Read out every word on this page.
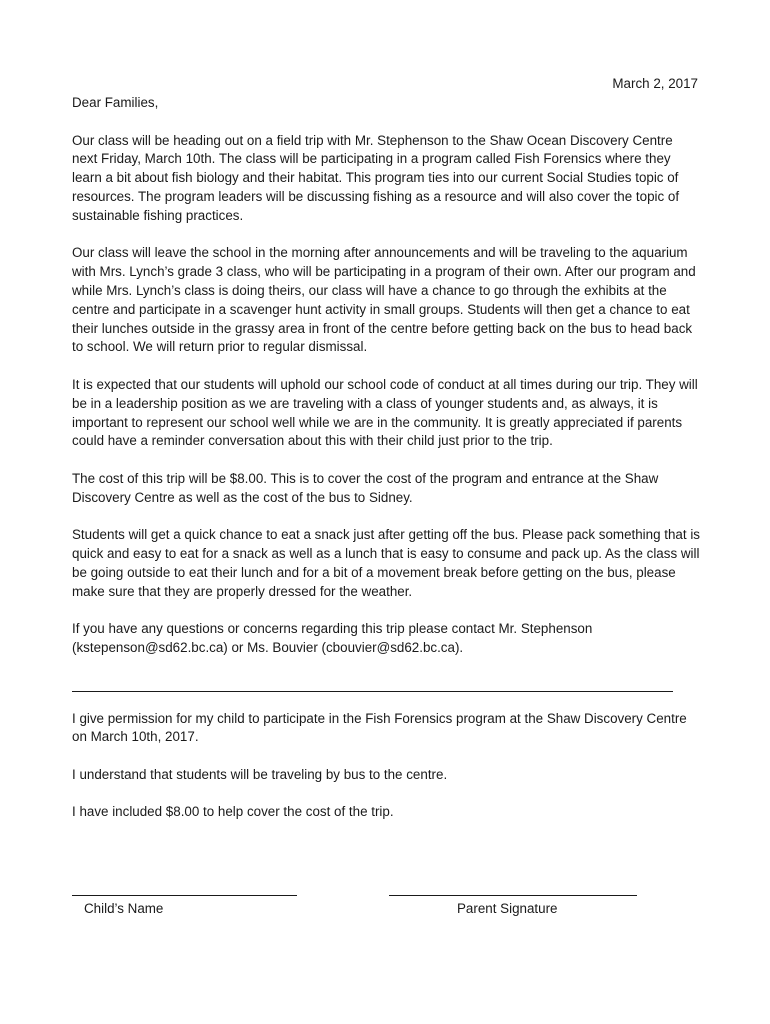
March 2, 2017

Dear Families,

Our class will be heading out on a field trip with Mr. Stephenson to the Shaw Ocean Discovery Centre next Friday, March 10th. The class will be participating in a program called Fish Forensics where they learn a bit about fish biology and their habitat. This program ties into our current Social Studies topic of resources. The program leaders will be discussing fishing as a resource and will also cover the topic of sustainable fishing practices.

Our class will leave the school in the morning after announcements and will be traveling to the aquarium with Mrs. Lynch’s grade 3 class, who will be participating in a program of their own. After our program and while Mrs. Lynch’s class is doing theirs, our class will have a chance to go through the exhibits at the centre and participate in a scavenger hunt activity in small groups. Students will then get a chance to eat their lunches outside in the grassy area in front of the centre before getting back on the bus to head back to school. We will return prior to regular dismissal.

It is expected that our students will uphold our school code of conduct at all times during our trip. They will be in a leadership position as we are traveling with a class of younger students and, as always, it is important to represent our school well while we are in the community. It is greatly appreciated if parents could have a reminder conversation about this with their child just prior to the trip.

The cost of this trip will be $8.00. This is to cover the cost of the program and entrance at the Shaw Discovery Centre as well as the cost of the bus to Sidney.

Students will get a quick chance to eat a snack just after getting off the bus. Please pack something that is quick and easy to eat for a snack as well as a lunch that is easy to consume and pack up. As the class will be going outside to eat their lunch and for a bit of a movement break before getting on the bus, please make sure that they are properly dressed for the weather.

If you have any questions or concerns regarding this trip please contact Mr. Stephenson (kstepenson@sd62.bc.ca) or Ms. Bouvier (cbouvier@sd62.bc.ca).

I give permission for my child to participate in the Fish Forensics program at the Shaw Discovery Centre on March 10th, 2017.

I understand that students will be traveling by bus to the centre.

I have included $8.00 to help cover the cost of the trip.

Child’s Name	Parent Signature
